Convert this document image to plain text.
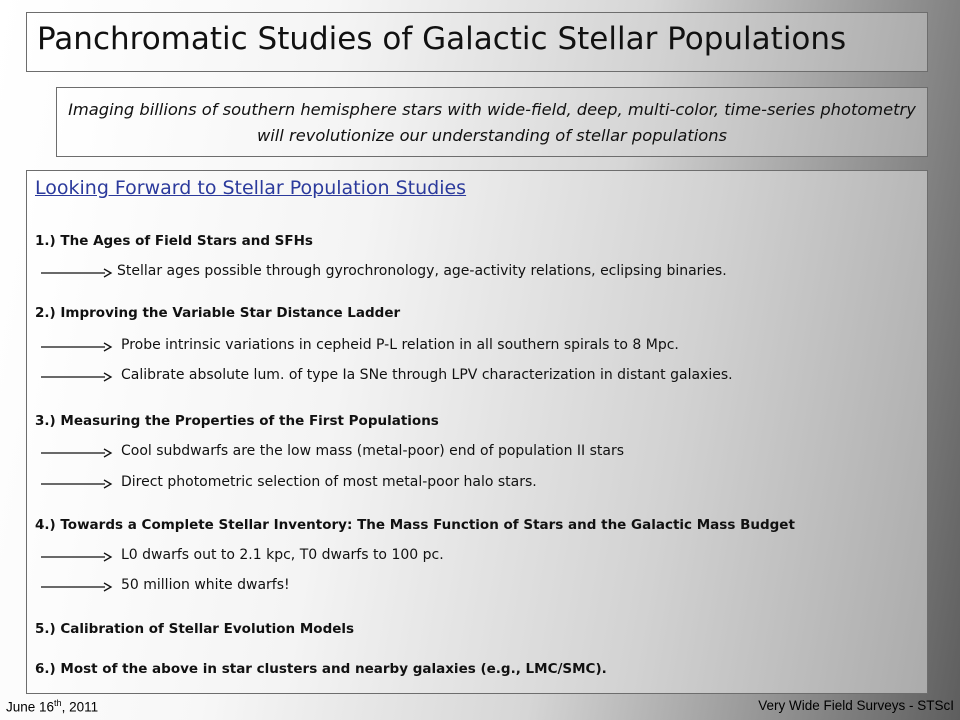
Panchromatic Studies of Galactic Stellar Populations
Imaging billions of southern hemisphere stars with wide-field, deep, multi-color, time-series photometry will revolutionize our understanding of stellar populations
Looking Forward to Stellar Population Studies
1.) The Ages of Field Stars and SFHs
Stellar ages possible through gyrochronology, age-activity relations, eclipsing binaries.
2.) Improving the Variable Star Distance Ladder
Probe intrinsic variations in cepheid P-L relation in all southern spirals to 8 Mpc.
Calibrate absolute lum. of type Ia SNe through LPV characterization in distant galaxies.
3.) Measuring the Properties of the First Populations
Cool subdwarfs are the low mass (metal-poor) end of population II stars
Direct photometric selection of most metal-poor halo stars.
4.) Towards a Complete Stellar Inventory: The Mass Function of Stars and the Galactic Mass Budget
L0 dwarfs out to 2.1 kpc, T0 dwarfs to 100 pc.
50 million white dwarfs!
5.) Calibration of Stellar Evolution Models
6.) Most of the above in star clusters and nearby galaxies (e.g., LMC/SMC).
June 16th, 2011	Very Wide Field Surveys - STScI
